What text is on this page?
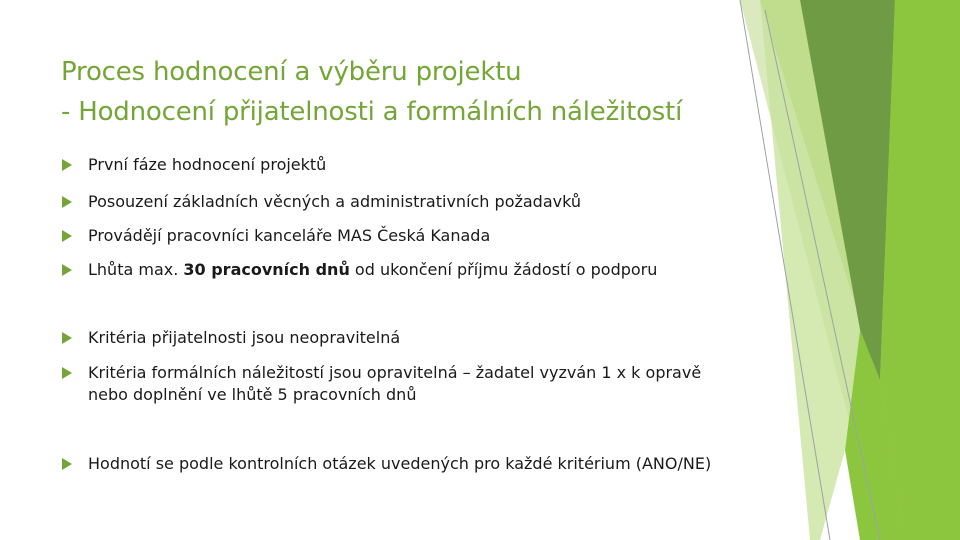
Proces hodnocení a výběru projektu
- Hodnocení přijatelnosti a formálních náležitostí
První fáze hodnocení projektů
Posouzení základních věcných a administrativních požadavků
Provádějí pracovníci kanceláře MAS Česká Kanada
Lhůta max. 30 pracovních dnů od ukončení příjmu žádostí o podporu
Kritéria přijatelnosti jsou neopravitelná
Kritéria formálních náležitostí jsou opravitelná – žadatel vyzván 1 x k opravě nebo doplnění ve lhůtě 5 pracovních dnů
Hodnotí se podle kontrolních otázek uvedených pro každé kritérium (ANO/NE)
